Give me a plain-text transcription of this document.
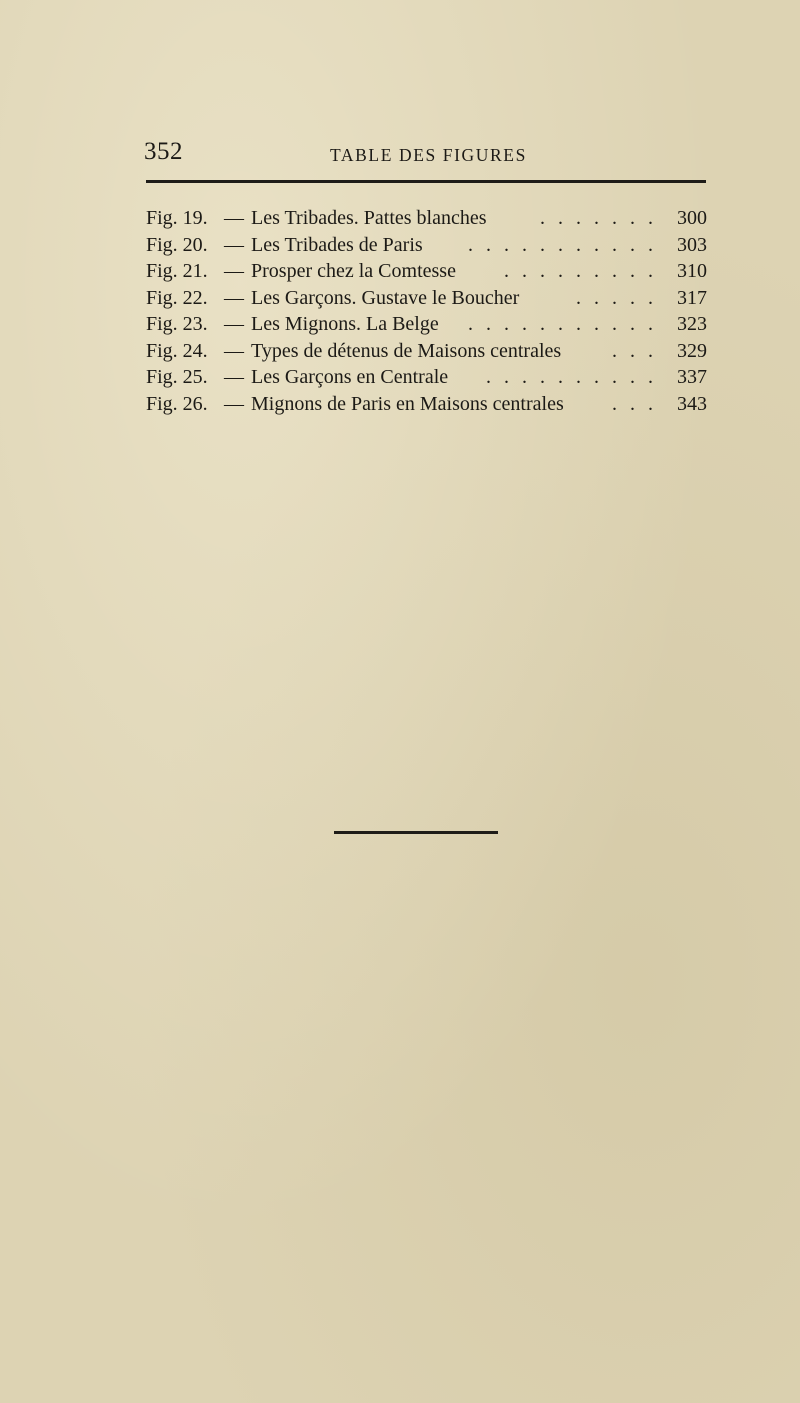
352	TABLE DES FIGURES
Fig. 19. — Les Tribades. Pattes blanches	. . . . . . .	300
Fig. 20. — Les Tribades de Paris	. . . . . . . . . . .	303
Fig. 21. — Prosper chez la Comtesse	. . . . . . . . .	310
Fig. 22. — Les Garçons. Gustave le Boucher	. . . . .	317
Fig. 23. — Les Mignons. La Belge	. . . . . . . . . . .	323
Fig. 24. — Types de détenus de Maisons centrales	. . .	329
Fig. 25. — Les Garçons en Centrale	. . . . . . . . . .	337
Fig. 26. — Mignons de Paris en Maisons centrales	. . .	343
